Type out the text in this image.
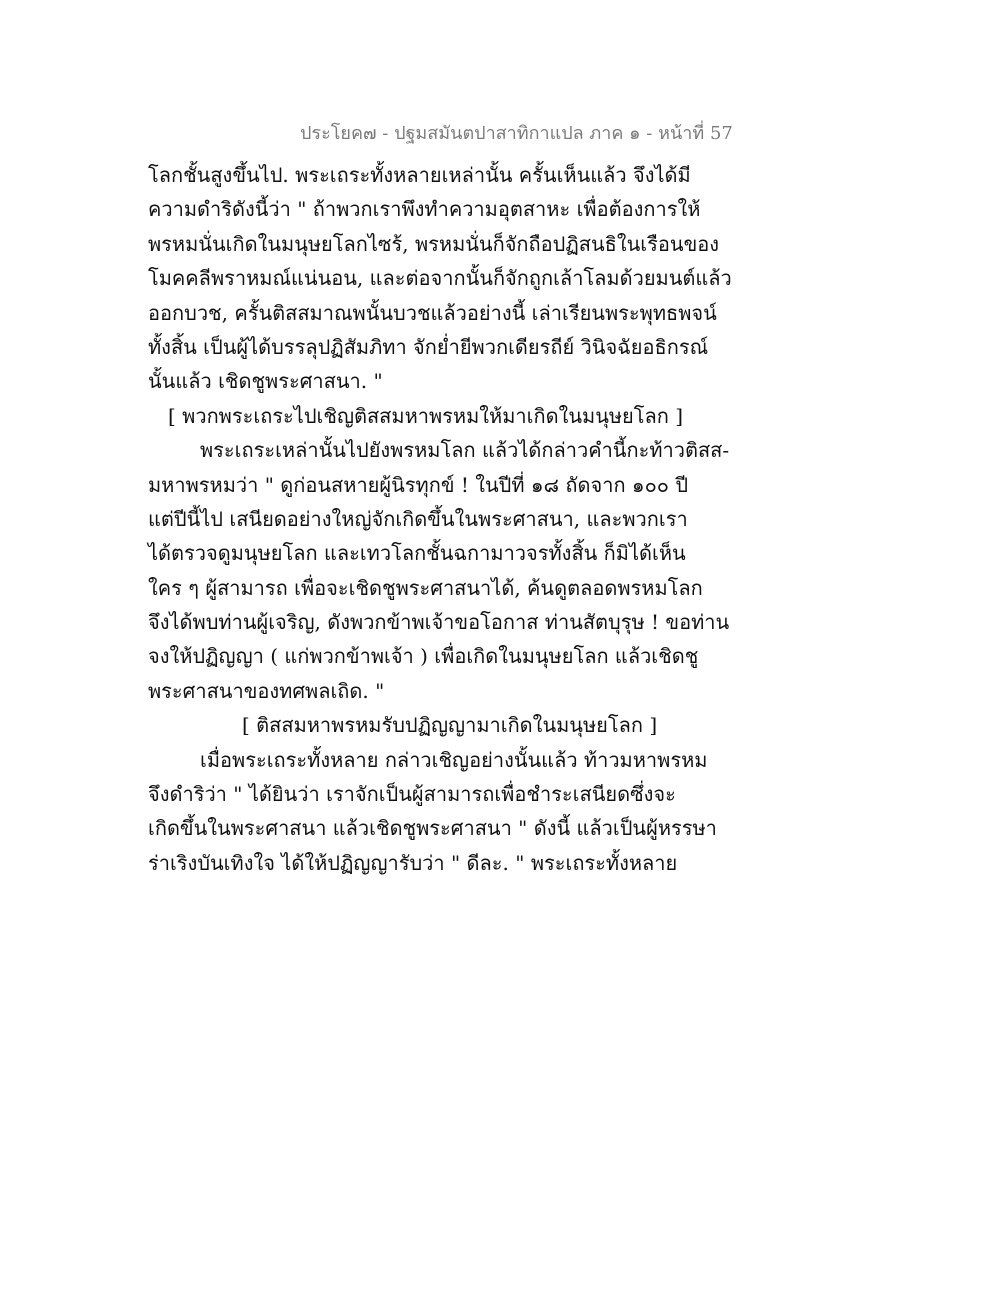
ประโยค๗ - ปฐมสมันตปาสาทิกาแปล ภาค ๑ - หน้าที่ 57
โลกชั้นสูงขึ้นไป. พระเถระทั้งหลายเหล่านั้น ครั้นเห็นแล้ว จึงได้มี
ความดำริดังนี้ว่า " ถ้าพวกเราพึงทำความอุตสาหะ เพื่อต้องการให้
พรหมนั่นเกิดในมนุษยโลกไซร้, พรหมนั่นก็จักถือปฏิสนธิในเรือนของ
โมคคลีพราหมณ์แน่นอน, และต่อจากนั้นก็จักถูกเล้าโลมด้วยมนต์แล้ว
ออกบวช, ครั้นติสสมาณพนั้นบวชแล้วอย่างนี้ เล่าเรียนพระพุทธพจน์
ทั้งสิ้น เป็นผู้ได้บรรลุปฏิสัมภิทา จักย่ำยีพวกเดียรถีย์ วินิจฉัยอธิกรณ์
นั้นแล้ว เชิดชูพระศาสนา. "
[ พวกพระเถระไปเชิญติสสมหาพรหมให้มาเกิดในมนุษยโลก ]
พระเถระเหล่านั้นไปยังพรหมโลก แล้วได้กล่าวคำนี้กะท้าวติสส-
มหาพรหมว่า " ดูก่อนสหายผู้นิรทุกข์ ! ในปีที่ ๑๘ ถัดจาก ๑๐๐ ปี
แต่ปีนี้ไป เสนียดอย่างใหญ่จักเกิดขึ้นในพระศาสนา, และพวกเรา
ได้ตรวจดูมนุษยโลก และเทวโลกชั้นฉกามาวจรทั้งสิ้น ก็มิได้เห็น
ใคร ๆ ผู้สามารถ เพื่อจะเชิดชูพระศาสนาได้, ค้นดูตลอดพรหมโลก
จึงได้พบท่านผู้เจริญ, ดังพวกข้าพเจ้าขอโอกาส ท่านสัตบุรุษ ! ขอท่าน
จงให้ปฏิญญา ( แก่พวกข้าพเจ้า ) เพื่อเกิดในมนุษยโลก แล้วเชิดชู
พระศาสนาของทศพลเถิด. "
[ ติสสมหาพรหมรับปฏิญญามาเกิดในมนุษยโลก ]
เมื่อพระเถระทั้งหลาย กล่าวเชิญอย่างนั้นแล้ว ท้าวมหาพรหม
จึงดำริว่า " ได้ยินว่า เราจักเป็นผู้สามารถเพื่อชำระเสนียดซึ่งจะ
เกิดขึ้นในพระศาสนา แล้วเชิดชูพระศาสนา " ดังนี้ แล้วเป็นผู้หรรษา
ร่าเริงบันเทิงใจ ได้ให้ปฏิญญารับว่า " ดีละ. " พระเถระทั้งหลาย
